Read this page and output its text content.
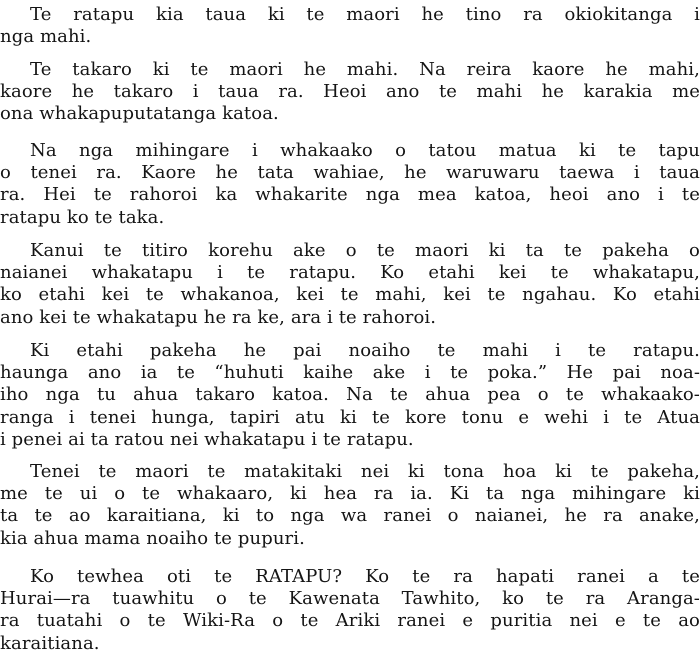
Te ratapu kia taua ki te maori he tino ra okiokitanga i
nga mahi.
Te takaro ki te maori he mahi. Na reira kaore he mahi,
kaore he takaro i taua ra. Heoi ano te mahi he karakia me
ona whakapuputatanga katoa.
Na nga mihingare i whakaako o tatou matua ki te tapu
o tenei ra. Kaore he tata wahiae, he waruwaru taewa i taua
ra. Hei te rahoroi ka whakarite nga mea katoa, heoi ano i te
ratapu ko te taka.
Kanui te titiro korehu ake o te maori ki ta te pakeha o
naianei whakatapu i te ratapu. Ko etahi kei te whakatapu,
ko etahi kei te whakanoa, kei te mahi, kei te ngahau. Ko etahi
ano kei te whakatapu he ra ke, ara i te rahoroi.
Ki etahi pakeha he pai noaiho te mahi i te ratapu.
haunga ano ia te “huhuti kaihe ake i te poka.” He pai noa-
iho nga tu ahua takaro katoa. Na te ahua pea o te whakaako-
ranga i tenei hunga, tapiri atu ki te kore tonu e wehi i te Atua
i penei ai ta ratou nei whakatapu i te ratapu.
Tenei te maori te matakitaki nei ki tona hoa ki te pakeha,
me te ui o te whakaaro, ki hea ra ia. Ki ta nga mihingare ki
ta te ao karaitiana, ki to nga wa ranei o naianei, he ra anake,
kia ahua mama noaiho te pupuri.
Ko tewhea oti te RATAPU? Ko te ra hapati ranei a te
Hurai—ra tuawhitu o te Kawenata Tawhito, ko te ra Aranga-
ra tuatahi o te Wiki-Ra o te Ariki ranei e puritia nei e te ao
karaitiana.
